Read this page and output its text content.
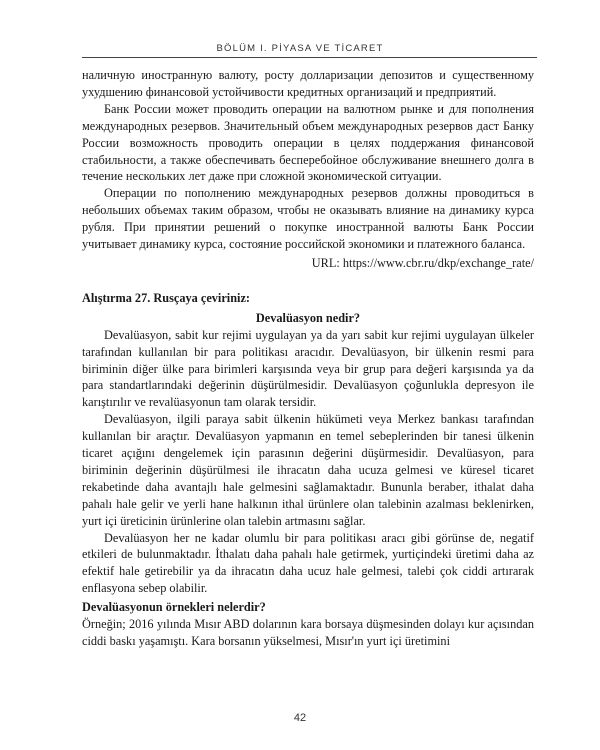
BÖLÜM I. PİYASA VE TİCARET

наличную иностранную валюту, росту долларизации депозитов и существенному ухудшению финансовой устойчивости кредитных организаций и предприятий.

Банк России может проводить операции на валютном рынке и для пополнения международных резервов. Значительный объем международных резервов даст Банку России возможность проводить операции в целях поддержания финансовой стабильности, а также обеспечивать бесперебойное обслуживание внешнего долга в течение нескольких лет даже при сложной экономической ситуации.

Операции по пополнению международных резервов должны проводиться в небольших объемах таким образом, чтобы не оказывать влияние на динамику курса рубля. При принятии решений о покупке иностранной валюты Банк России учитывает динамику курса, состояние российской экономики и платежного баланса.

URL: https://www.cbr.ru/dkp/exchange_rate/

Alıştırma 27. Rusçaya çeviriniz:

Devalüasyon nedir?

Devalüasyon, sabit kur rejimi uygulayan ya da yarı sabit kur rejimi uygulayan ülkeler tarafından kullanılan bir para politikası aracıdır. Devalüasyon, bir ülkenin resmi para biriminin diğer ülke para birimleri karşısında veya bir grup para değeri karşısında ya da para standartlarındaki değerinin düşürülmesidir. Devalüasyon çoğunlukla depresyon ile karıştırılır ve revalüasyonun tam olarak tersidir.

Devalüasyon, ilgili paraya sabit ülkenin hükümeti veya Merkez bankası tarafından kullanılan bir araçtır. Devalüasyon yapmanın en temel sebeplerinden bir tanesi ülkenin ticaret açığını dengelemek için parasının değerini düşürmesidir. Devalüasyon, para biriminin değerinin düşürülmesi ile ihracatın daha ucuza gelmesi ve küresel ticaret rekabetinde daha avantajlı hale gelmesini sağlamaktadır. Bununla beraber, ithalat daha pahalı hale gelir ve yerli hane halkının ithal ürünlere olan talebinin azalması beklenirken, yurt içi üreticinin ürünlerine olan talebin artmasını sağlar.

Devalüasyon her ne kadar olumlu bir para politikası aracı gibi görünse de, negatif etkileri de bulunmaktadır. İthalatı daha pahalı hale getirmek, yurtiçindeki üretimi daha az efektif hale getirebilir ya da ihracatın daha ucuz hale gelmesi, talebi çok ciddi artırarak enflasyona sebep olabilir.

Devalüasyonun örnekleri nelerdir?

Örneğin; 2016 yılında Mısır ABD dolarının kara borsaya düşmesinden dolayı kur açısından ciddi baskı yaşamıştı. Kara borsanın yükselmesi, Mısır'ın yurt içi üretimini

42
